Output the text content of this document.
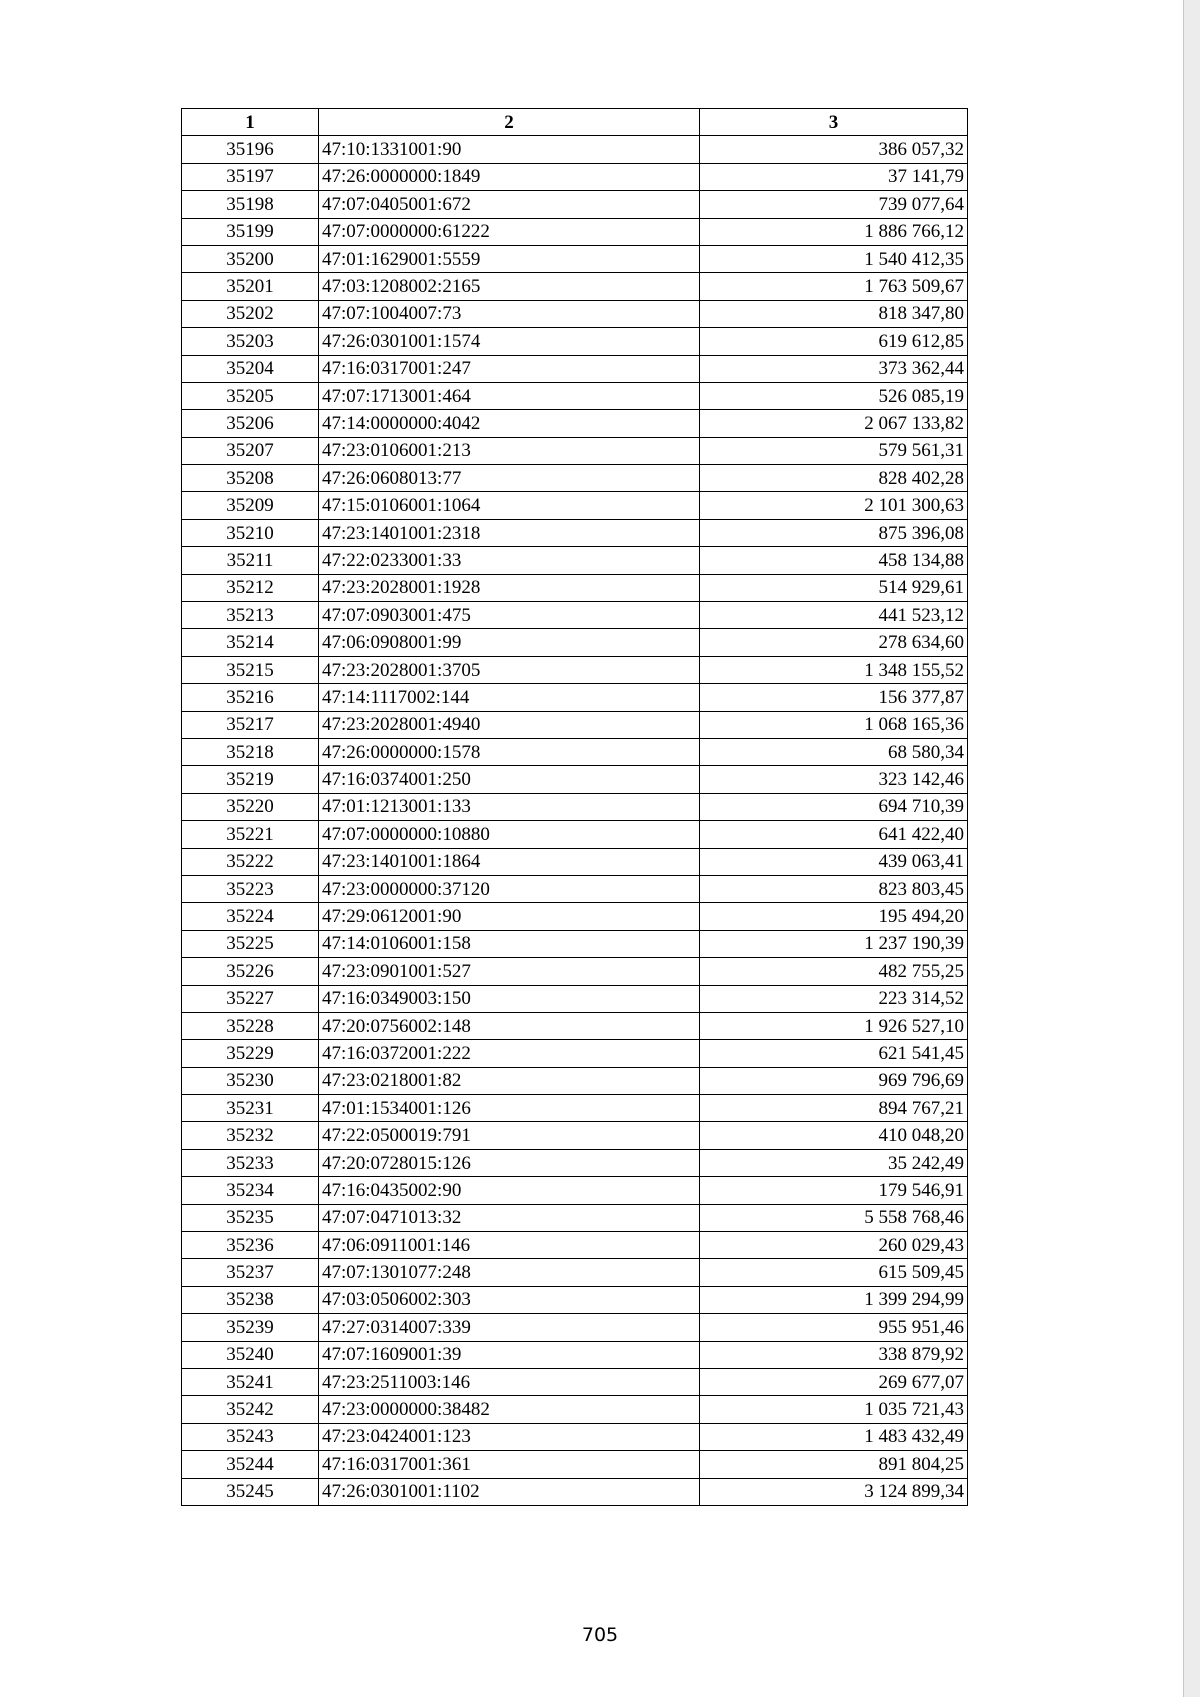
1	2	3
35196	47:10:1331001:90	386 057,32
35197	47:26:0000000:1849	37 141,79
35198	47:07:0405001:672	739 077,64
35199	47:07:0000000:61222	1 886 766,12
35200	47:01:1629001:5559	1 540 412,35
35201	47:03:1208002:2165	1 763 509,67
35202	47:07:1004007:73	818 347,80
35203	47:26:0301001:1574	619 612,85
35204	47:16:0317001:247	373 362,44
35205	47:07:1713001:464	526 085,19
35206	47:14:0000000:4042	2 067 133,82
35207	47:23:0106001:213	579 561,31
35208	47:26:0608013:77	828 402,28
35209	47:15:0106001:1064	2 101 300,63
35210	47:23:1401001:2318	875 396,08
35211	47:22:0233001:33	458 134,88
35212	47:23:2028001:1928	514 929,61
35213	47:07:0903001:475	441 523,12
35214	47:06:0908001:99	278 634,60
35215	47:23:2028001:3705	1 348 155,52
35216	47:14:1117002:144	156 377,87
35217	47:23:2028001:4940	1 068 165,36
35218	47:26:0000000:1578	68 580,34
35219	47:16:0374001:250	323 142,46
35220	47:01:1213001:133	694 710,39
35221	47:07:0000000:10880	641 422,40
35222	47:23:1401001:1864	439 063,41
35223	47:23:0000000:37120	823 803,45
35224	47:29:0612001:90	195 494,20
35225	47:14:0106001:158	1 237 190,39
35226	47:23:0901001:527	482 755,25
35227	47:16:0349003:150	223 314,52
35228	47:20:0756002:148	1 926 527,10
35229	47:16:0372001:222	621 541,45
35230	47:23:0218001:82	969 796,69
35231	47:01:1534001:126	894 767,21
35232	47:22:0500019:791	410 048,20
35233	47:20:0728015:126	35 242,49
35234	47:16:0435002:90	179 546,91
35235	47:07:0471013:32	5 558 768,46
35236	47:06:0911001:146	260 029,43
35237	47:07:1301077:248	615 509,45
35238	47:03:0506002:303	1 399 294,99
35239	47:27:0314007:339	955 951,46
35240	47:07:1609001:39	338 879,92
35241	47:23:2511003:146	269 677,07
35242	47:23:0000000:38482	1 035 721,43
35243	47:23:0424001:123	1 483 432,49
35244	47:16:0317001:361	891 804,25
35245	47:26:0301001:1102	3 124 899,34
705
